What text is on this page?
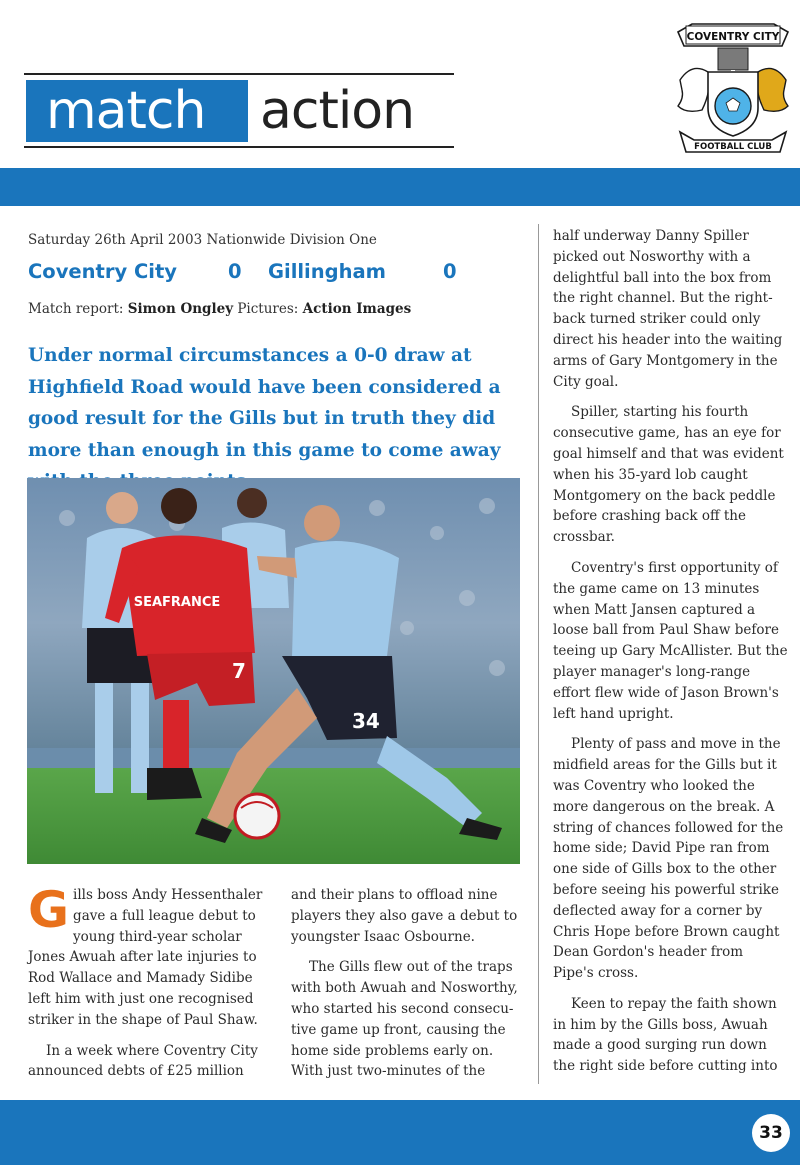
match action
COVENTRY CITY
FOOTBALL CLUB
Saturday 26th April 2003 Nationwide Division One
Coventry City	0 Gillingham	0
Match report: Simon Ongley Pictures: Action Images
Under normal circumstances a 0-0 draw at Highfield Road would have been considered a good result for the Gills but in truth they did more than enough in this game to come away
SEAFRANCE
7
34

Gills boss Andy Hessenthaler gave a full league debut to young third-year scholar Jones Awuah after late injuries to Rod Wallace and Mamady Sidibe left him with just one recognised striker in the shape of Paul Shaw.

In a week where Coventry City announced debts of £25 million

and their plans to offload nine players they also gave a debut to youngster Isaac Osbourne.

The Gills flew out of the traps with both Awuah and Nosworthy, who started his second consecu-tive game up front, causing the home side problems early on. With just two-minutes of the

half underway Danny Spiller picked out Nosworthy with a delightful ball into the box from the right channel. But the right-back turned striker could only direct his header into the waiting arms of Gary Montgomery in the City goal.

Spiller, starting his fourth consecutive game, has an eye for goal himself and that was evident when his 35-yard lob caught Montgomery on the back peddle before crashing back off the crossbar.

Coventry's first opportunity of the game came on 13 minutes when Matt Jansen captured a loose ball from Paul Shaw before teeing up Gary McAllister. But the player manager's long-range effort flew wide of Jason Brown's left hand upright.

Plenty of pass and move in the midfield areas for the Gills but it was Coventry who looked the more dangerous on the break. A string of chances followed for the home side; David Pipe ran from one side of Gills box to the other before seeing his powerful strike deflected away for a corner by Chris Hope before Brown caught Dean Gordon's header from Pipe's cross.

Keen to repay the faith shown in him by the Gills boss, Awuah made a good surging run down the right side before cutting into

33
